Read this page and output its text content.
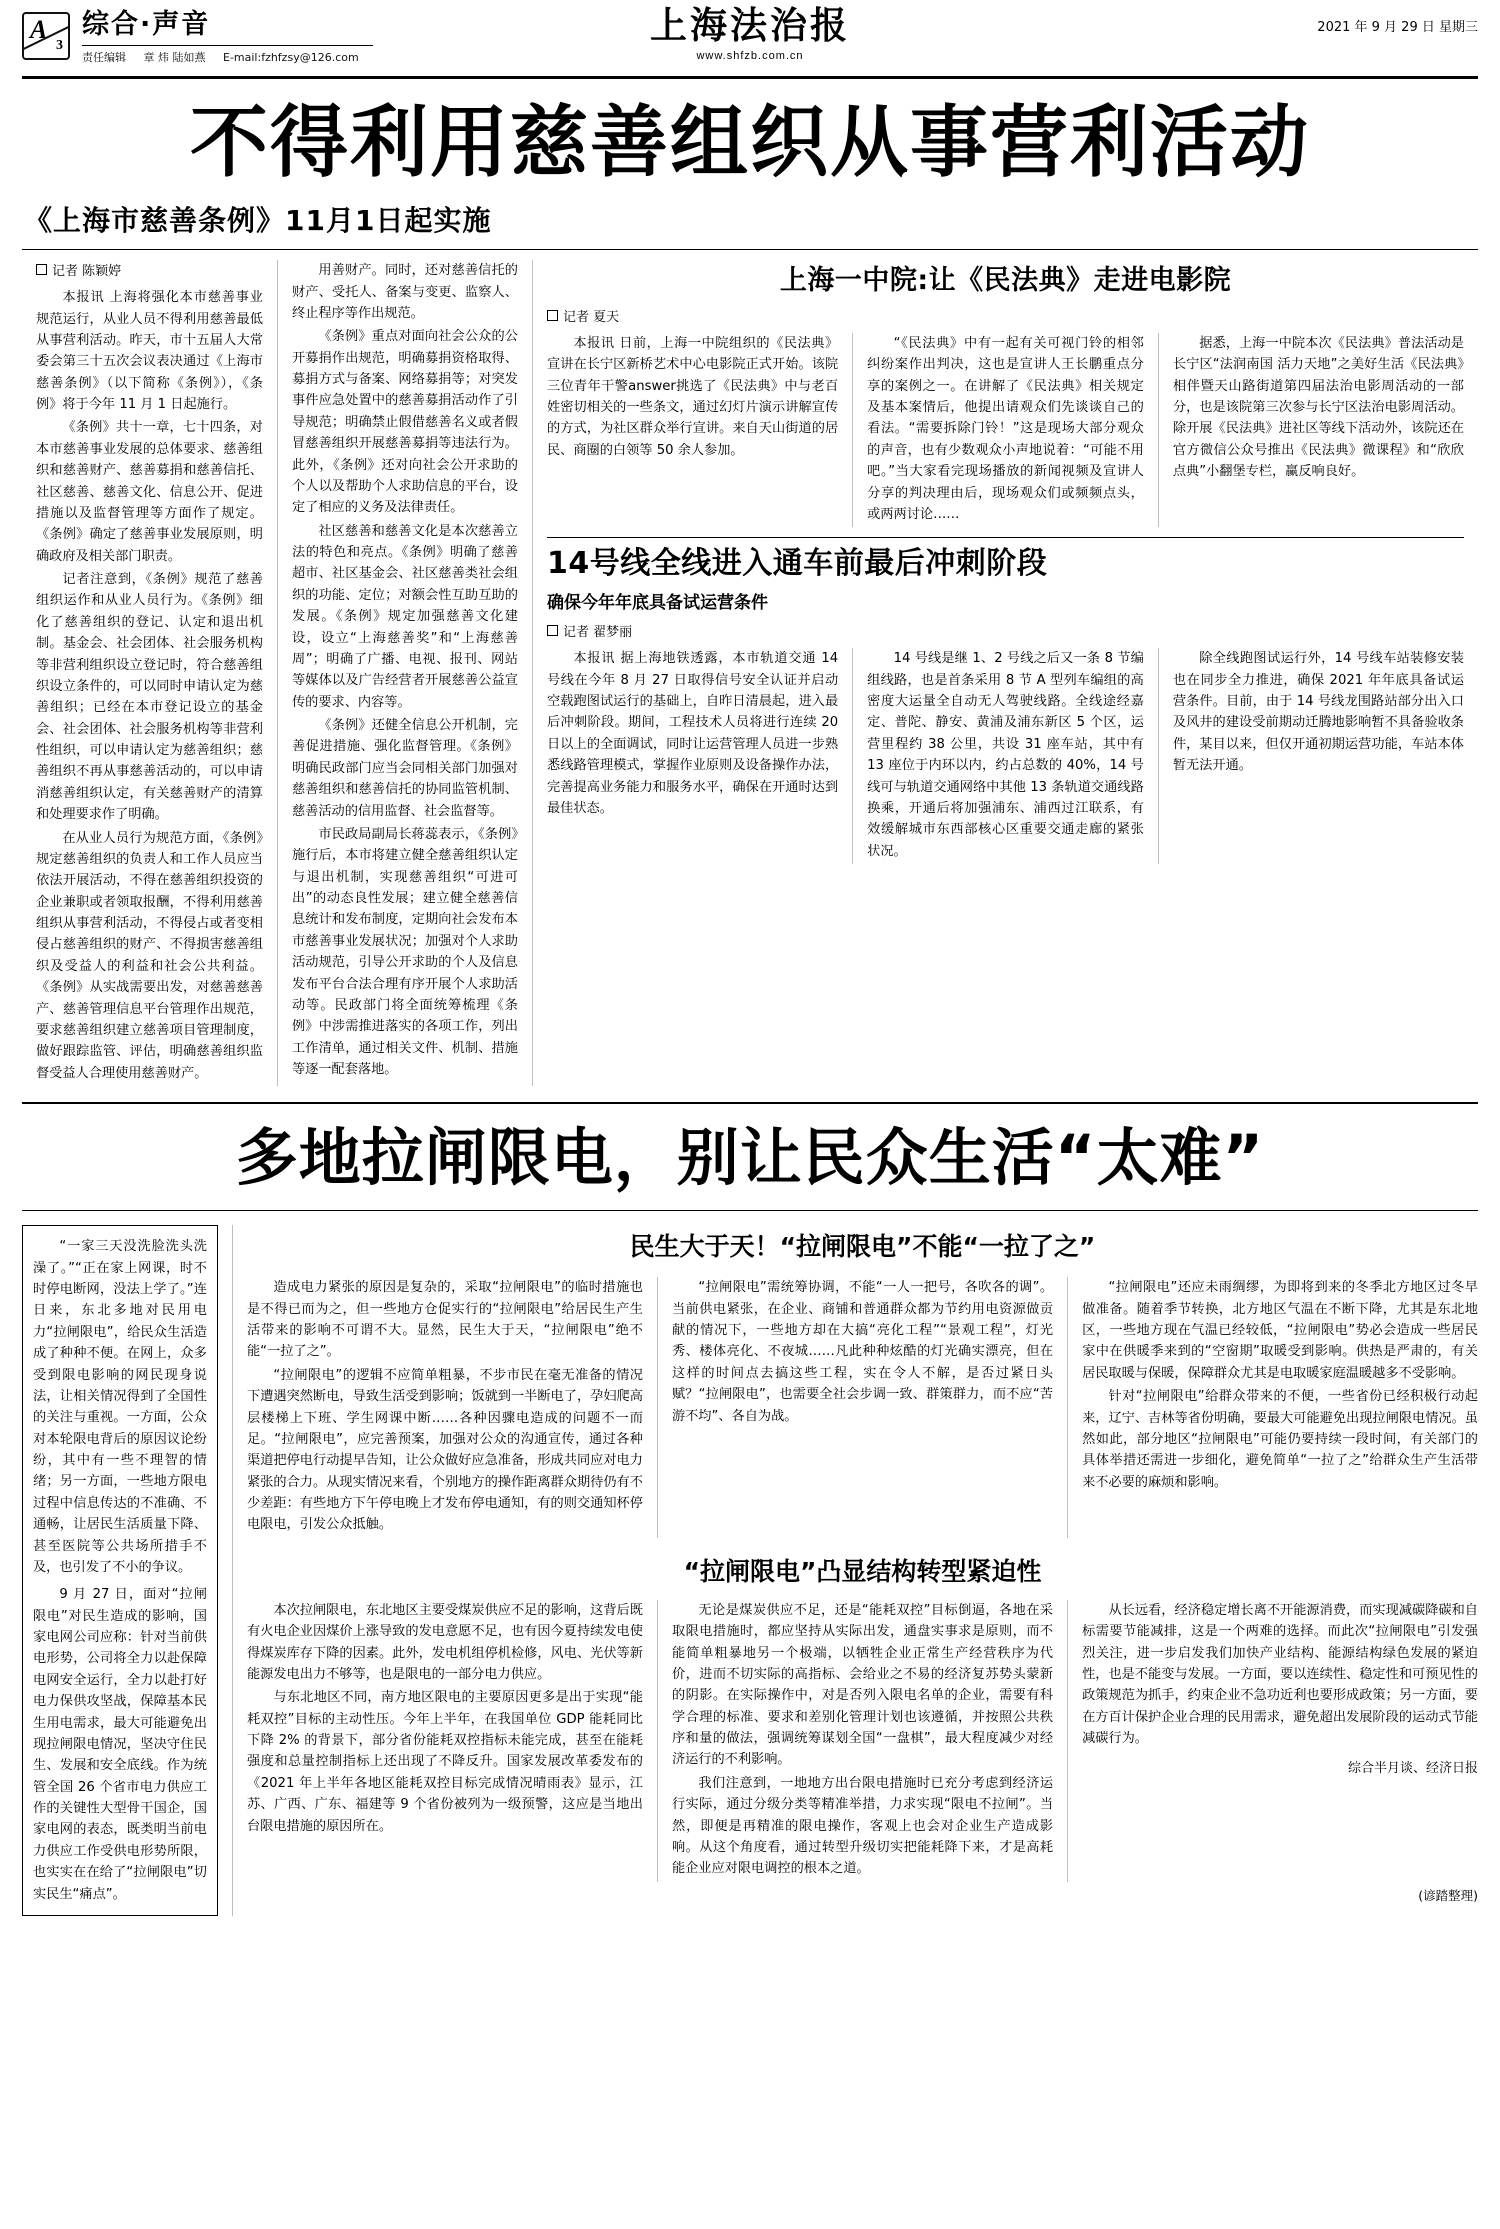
A
3
综合·声音
责任编辑 章 炜 陆如燕 E-mail:fzhfzsy@126.com
上海法治报
www.shfzb.com.cn
2021 年 9 月 29 日 星期三
不得利用慈善组织从事营利活动
《上海市慈善条例》11月1日起实施
记者 陈颖婷

本报讯 上海将强化本市慈善事业规范运行，从业人员不得利用慈善最低从事营利活动。昨天，市十五届人大常委会第三十五次会议表决通过《上海市慈善条例》（以下简称《条例》），《条例》将于今年 11 月 1 日起施行。

《条例》共十一章，七十四条，对本市慈善事业发展的总体要求、慈善组织和慈善财产、慈善募捐和慈善信托、社区慈善、慈善文化、信息公开、促进措施以及监督管理等方面作了规定。《条例》确定了慈善事业发展原则，明确政府及相关部门职责。

记者注意到，《条例》规范了慈善组织运作和从业人员行为。《条例》细化了慈善组织的登记、认定和退出机制。基金会、社会团体、社会服务机构等非营利组织设立登记时，符合慈善组织设立条件的，可以同时申请认定为慈善组织；已经在本市登记设立的基金会、社会团体、社会服务机构等非营利性组织，可以申请认定为慈善组织；慈善组织不再从事慈善活动的，可以申请消慈善组织认定，有关慈善财产的清算和处理要求作了明确。

在从业人员行为规范方面，《条例》规定慈善组织的负责人和工作人员应当依法开展活动，不得在慈善组织投资的企业兼职或者领取报酬，不得利用慈善组织从事营利活动，不得侵占或者变相侵占慈善组织的财产、不得损害慈善组织及受益人的利益和社会公共利益。《条例》从实战需要出发，对慈善慈善产、慈善管理信息平台管理作出规范，要求慈善组织建立慈善项目管理制度，做好跟踪监管、评估，明确慈善组织监督受益人合理使用慈善财产。

用善财产。同时，还对慈善信托的财产、受托人、备案与变更、监察人、终止程序等作出规范。

《条例》重点对面向社会公众的公开募捐作出规范，明确募捐资格取得、募捐方式与备案、网络募捐等；对突发事件应急处置中的慈善募捐活动作了引导规范；明确禁止假借慈善名义或者假冒慈善组织开展慈善募捐等违法行为。此外，《条例》还对向社会公开求助的个人以及帮助个人求助信息的平台，设定了相应的义务及法律责任。

社区慈善和慈善文化是本次慈善立法的特色和亮点。《条例》明确了慈善超市、社区基金会、社区慈善类社会组织的功能、定位；对额会性互助互助的发展。《条例》规定加强慈善文化建设，设立“上海慈善奖”和“上海慈善周”；明确了广播、电视、报刊、网站等媒体以及广告经营者开展慈善公益宣传的要求、内容等。

《条例》还健全信息公开机制，完善促进措施、强化监督管理。《条例》明确民政部门应当会同相关部门加强对慈善组织和慈善信托的协同监管机制、慈善活动的信用监督、社会监督等。

市民政局副局长蒋蕊表示，《条例》施行后，本市将建立健全慈善组织认定与退出机制，实现慈善组织“可进可出”的动态良性发展；建立健全慈善信息统计和发布制度，定期向社会发布本市慈善事业发展状况；加强对个人求助活动规范，引导公开求助的个人及信息发布平台合法合理有序开展个人求助活动等。民政部门将全面统筹梳理《条例》中涉需推进落实的各项工作，列出工作清单，通过相关文件、机制、措施等逐一配套落地。

上海一中院:让《民法典》走进电影院
记者 夏天

本报讯 日前，上海一中院组织的《民法典》宣讲在长宁区新桥艺术中心电影院正式开始。该院三位青年干警answer挑选了《民法典》中与老百姓密切相关的一些条文，通过幻灯片演示讲解宣传的方式，为社区群众举行宣讲。来自天山街道的居民、商圈的白领等 50 余人参加。

“《民法典》中有一起有关可视门铃的相邻纠纷案作出判决，这也是宣讲人王长鹏重点分享的案例之一。在讲解了《民法典》相关规定及基本案情后，他提出请观众们先谈谈自己的看法。“需要拆除门铃！”这是现场大部分观众的声音，也有少数观众小声地说着：“可能不用吧。”当大家看完现场播放的新闻视频及宣讲人分享的判决理由后，现场观众们或频频点头，或两两讨论……

据悉，上海一中院本次《民法典》普法活动是长宁区“法润南国 活力天地”之美好生活《民法典》相伴暨天山路街道第四届法治电影周活动的一部分，也是该院第三次参与长宁区法治电影周活动。除开展《民法典》进社区等线下活动外，该院还在官方微信公众号推出《民法典》微课程》和“欣欣点典”小翻堡专栏，赢反响良好。

14号线全线进入通车前最后冲刺阶段
确保今年年底具备试运营条件
记者 翟梦丽

本报讯 据上海地铁透露，本市轨道交通 14 号线在今年 8 月 27 日取得信号安全认证并启动空载跑图试运行的基础上，自昨日清晨起，进入最后冲刺阶段。期间，工程技术人员将进行连续 20 日以上的全面调试，同时让运营管理人员进一步熟悉线路管理模式，掌握作业原则及设备操作办法，完善提高业务能力和服务水平，确保在开通时达到最佳状态。

14 号线是继 1、2 号线之后又一条 8 节编组线路，也是首条采用 8 节 A 型列车编组的高密度大运量全自动无人驾驶线路。全线途经嘉定、普陀、静安、黄浦及浦东新区 5 个区，运营里程约 38 公里，共设 31 座车站，其中有 13 座位于内环以内，约占总数的 40%，14 号线可与轨道交通网络中其他 13 条轨道交通线路换乘，开通后将加强浦东、浦西过江联系，有效缓解城市东西部核心区重要交通走廊的紧张状况。

除全线跑图试运行外，14 号线车站装修安装也在同步全力推进，确保 2021 年年底具备试运营条件。目前，由于 14 号线龙围路站部分出入口及风井的建设受前期动迁腾地影响暂不具备验收条件，某目以来，但仅开通初期运营功能，车站本体暂无法开通。

多地拉闸限电，别让民众生活“太难”

“一家三天没洗脸洗头洗澡了。”“正在家上网课，时不时停电断网，没法上学了。”连日来，东北多地对民用电力“拉闸限电”，给民众生活造成了种种不便。在网上，众多受到限电影响的网民现身说法，让相关情况得到了全国性的关注与重视。一方面，公众对本轮限电背后的原因议论纷纷，其中有一些不理智的情绪；另一方面，一些地方限电过程中信息传达的不准确、不通畅，让居民生活质量下降、甚至医院等公共场所措手不及，也引发了不小的争议。

9 月 27 日，面对“拉闸限电”对民生造成的影响，国家电网公司应称：针对当前供电形势，公司将全力以赴保障电网安全运行，全力以赴打好电力保供攻坚战，保障基本民生用电需求，最大可能避免出现拉闸限电情况，坚决守住民生、发展和安全底线。作为统管全国 26 个省市电力供应工作的关键性大型骨干国企，国家电网的表态，既类明当前电力供应工作受供电形势所限，也实实在在给了“拉闸限电”切实民生“痛点”。

民生大于天！“拉闸限电”不能“一拉了之”

造成电力紧张的原因是复杂的，采取“拉闸限电”的临时措施也是不得已而为之，但一些地方仓促实行的“拉闸限电”给居民生产生活带来的影响不可谓不大。显然，民生大于天，“拉闸限电”绝不能“一拉了之”。

“拉闸限电”的逻辑不应简单粗暴，不步市民在毫无准备的情况下遭遇突然断电，导致生活受到影响；饭就到一半断电了，孕妇爬高层楼梯上下班、学生网课中断……各种因骤电造成的问题不一而足。“拉闸限电”，应完善预案，加强对公众的沟通宣传，通过各种渠道把停电行动提早告知，让公众做好应急准备，形成共同应对电力紧张的合力。从现实情况来看，个别地方的操作距离群众期待仍有不少差距：有些地方下午停电晚上才发布停电通知，有的则交通知杯停电限电，引发公众抵触。

“拉闸限电”需统筹协调，不能“一人一把号，各吹各的调”。当前供电紧张，在企业、商铺和普通群众都为节约用电资源做贡献的情况下，一些地方却在大搞“亮化工程”“景观工程”，灯光秀、楼体亮化、不夜城……凡此种种炫酷的灯光确实漂亮，但在这样的时间点去搞这些工程，实在令人不解，是否过紧日头赋？“拉闸限电”，也需要全社会步调一致、群策群力，而不应“苦游不均”、各自为战。

“拉闸限电”还应未雨绸缪，为即将到来的冬季北方地区过冬早做准备。随着季节转换，北方地区气温在不断下降，尤其是东北地区，一些地方现在气温已经较低，“拉闸限电”势必会造成一些居民家中在供暖季来到的“空窗期”取暖受到影响。供热是严肃的，有关居民取暖与保暖，保障群众尤其是电取暖家庭温暖越多不受影响。

针对“拉闸限电”给群众带来的不便，一些省份已经积极行动起来，辽宁、吉林等省份明确，要最大可能避免出现拉闸限电情况。虽然如此，部分地区“拉闸限电”可能仍要持续一段时间，有关部门的具体举措还需进一步细化，避免简单“一拉了之”给群众生产生活带来不必要的麻烦和影响。

“拉闸限电”凸显结构转型紧迫性

本次拉闸限电，东北地区主要受煤炭供应不足的影响，这背后既有火电企业因煤价上涨导致的发电意愿不足，也有因今夏持续发电使得煤炭库存下降的因素。此外，发电机组停机检修，风电、光伏等新能源发电出力不够等，也是限电的一部分电力供应。

与东北地区不同，南方地区限电的主要原因更多是出于实现“能耗双控”目标的主动性压。今年上半年，在我国单位 GDP 能耗同比下降 2% 的背景下，部分省份能耗双控指标未能完成，甚至在能耗强度和总量控制指标上还出现了不降反升。国家发展改革委发布的《2021 年上半年各地区能耗双控目标完成情况晴雨表》显示，江苏、广西、广东、福建等 9 个省份被列为一级预警，这应是当地出台限电措施的原因所在。

无论是煤炭供应不足，还是“能耗双控”目标倒逼，各地在采取限电措施时，都应坚持从实际出发，通盘实事求是原则，而不能简单粗暴地另一个极端，以牺牲企业正常生产经营秩序为代价，进而不切实际的高指标、会给业之不易的经济复苏势头蒙新的阴影。在实际操作中，对是否列入限电名单的企业，需要有科学合理的标准、要求和差别化管理计划也该遵循，并按照公共秩序和量的做法，强调统筹谋划全国“一盘棋”，最大程度减少对经济运行的不利影响。

我们注意到，一地地方出台限电措施时已充分考虑到经济运行实际，通过分级分类等精准举措，力求实现“限电不拉闸”。当然，即便是再精准的限电操作，客观上也会对企业生产造成影响。从这个角度看，通过转型升级切实把能耗降下来，才是高耗能企业应对限电调控的根本之道。

从长远看，经济稳定增长离不开能源消费，而实现减碳降碳和自标需要节能减排，这是一个两难的选择。而此次“拉闸限电”引发强烈关注，进一步启发我们加快产业结构、能源结构绿色发展的紧迫性，也是不能变与发展。一方面，要以连续性、稳定性和可预见性的政策规范为抓手，约束企业不急功近利也要形成政策；另一方面，要在方百计保护企业合理的民用需求，避免超出发展阶段的运动式节能减碳行为。

综合半月谈、经济日报
(谚踏整理)
